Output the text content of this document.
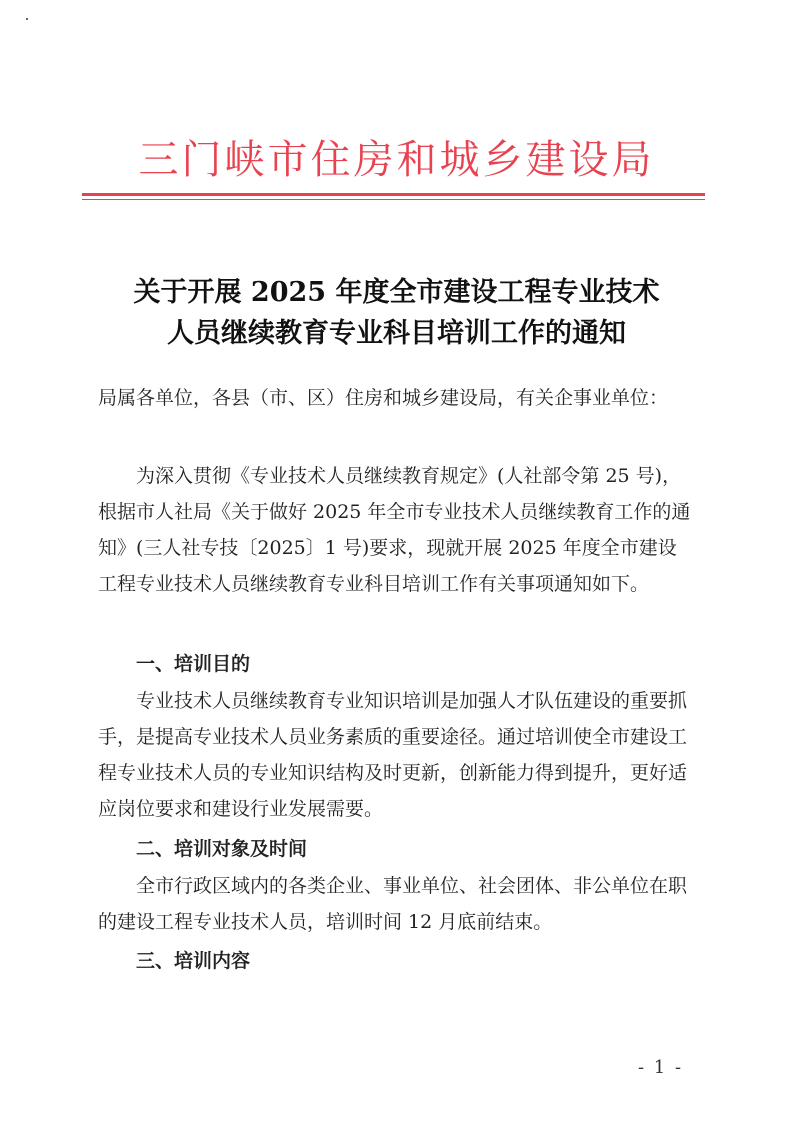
三门峡市住房和城乡建设局
关于开展 2025 年度全市建设工程专业技术
人员继续教育专业科目培训工作的通知

局属各单位，各县（市、区）住房和城乡建设局，有关企事业单位：

为深入贯彻《专业技术人员继续教育规定》(人社部令第 25 号)，根据市人社局《关于做好 2025 年全市专业技术人员继续教育工作的通知》(三人社专技〔2025〕1 号)要求，现就开展 2025 年度全市建设工程专业技术人员继续教育专业科目培训工作有关事项通知如下。

一、培训目的

专业技术人员继续教育专业知识培训是加强人才队伍建设的重要抓手，是提高专业技术人员业务素质的重要途径。通过培训使全市建设工程专业技术人员的专业知识结构及时更新，创新能力得到提升，更好适应岗位要求和建设行业发展需要。

二、培训对象及时间

全市行政区域内的各类企业、事业单位、社会团体、非公单位在职的建设工程专业技术人员，培训时间 12 月底前结束。

三、培训内容

- 1 -
